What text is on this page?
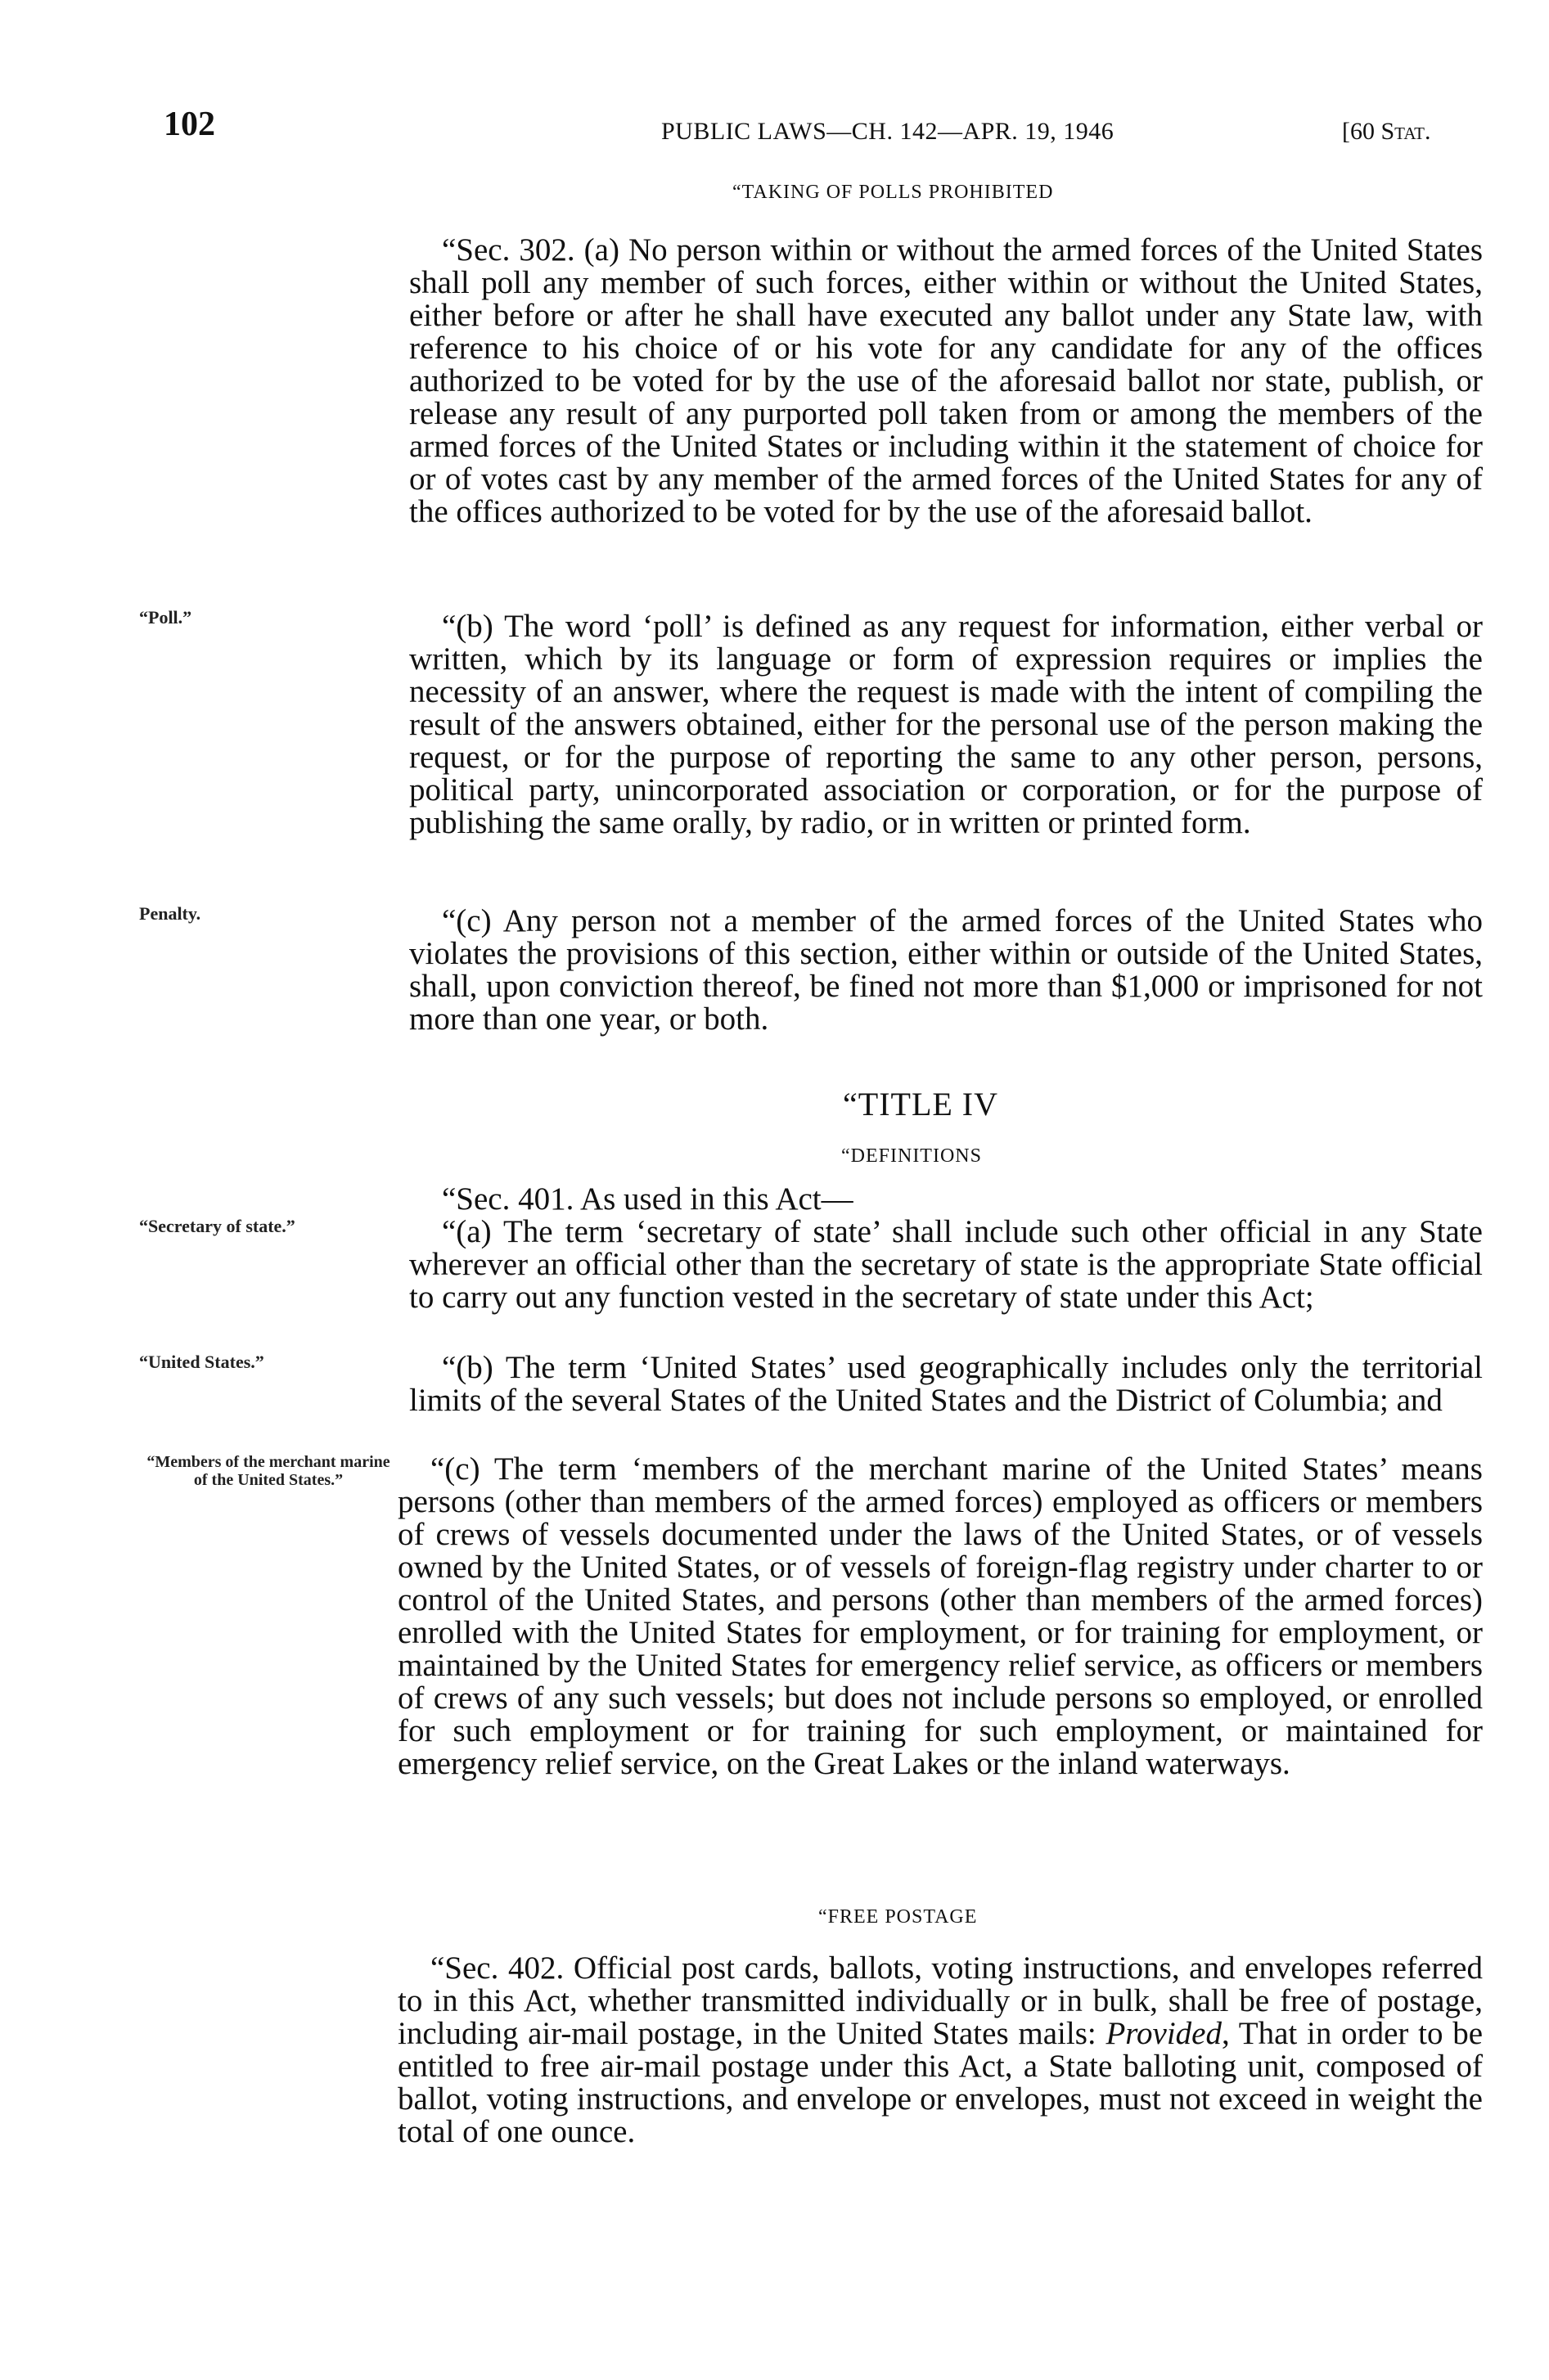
102	PUBLIC LAWS—CH. 142—APR. 19, 1946	[60 Stat.
“TAKING OF POLLS PROHIBITED

“Sec. 302. (a) No person within or without the armed forces of the United States shall poll any member of such forces, either within or without the United States, either before or after he shall have executed any ballot under any State law, with reference to his choice of or his vote for any candidate for any of the offices authorized to be voted for by the use of the aforesaid ballot nor state, publish, or release any result of any purported poll taken from or among the members of the armed forces of the United States or including within it the statement of choice for or of votes cast by any member of the armed forces of the United States for any of the offices authorized to be voted for by the use of the aforesaid ballot.

“Poll.”	“(b) The word ‘poll’ is defined as any request for information, either verbal or written, which by its language or form of expression requires or implies the necessity of an answer, where the request is made with the intent of compiling the result of the answers obtained, either for the personal use of the person making the request, or for the purpose of reporting the same to any other person, persons, political party, unincorporated association or corporation, or for the purpose of publishing the same orally, by radio, or in written or printed form.

Penalty.	“(c) Any person not a member of the armed forces of the United States who violates the provisions of this section, either within or outside of the United States, shall, upon conviction thereof, be fined not more than $1,000 or imprisoned for not more than one year, or both.

“TITLE IV
“DEFINITIONS

“Sec. 401. As used in this Act—

“Secretary of state.”	“(a) The term ‘secretary of state’ shall include such other official in any State wherever an official other than the secretary of state is the appropriate State official to carry out any function vested in the secretary of state under this Act;

“United States.”	“(b) The term ‘United States’ used geographically includes only the territorial limits of the several States of the United States and the District of Columbia; and

“Members of the merchant marine of the United States.”	“(c) The term ‘members of the merchant marine of the United States’ means persons (other than members of the armed forces) employed as officers or members of crews of vessels documented under the laws of the United States, or of vessels owned by the United States, or of vessels of foreign-flag registry under charter to or control of the United States, and persons (other than members of the armed forces) enrolled with the United States for employment, or for training for employment, or maintained by the United States for emergency relief service, as officers or members of crews of any such vessels; but does not include persons so employed, or enrolled for such employment or for training for such employment, or maintained for emergency relief service, on the Great Lakes or the inland waterways.

“FREE POSTAGE

“Sec. 402. Official post cards, ballots, voting instructions, and envelopes referred to in this Act, whether transmitted individually or in bulk, shall be free of postage, including air-mail postage, in the United States mails: Provided, That in order to be entitled to free air-mail postage under this Act, a State balloting unit, composed of ballot, voting instructions, and envelope or envelopes, must not exceed in weight the total of one ounce.
